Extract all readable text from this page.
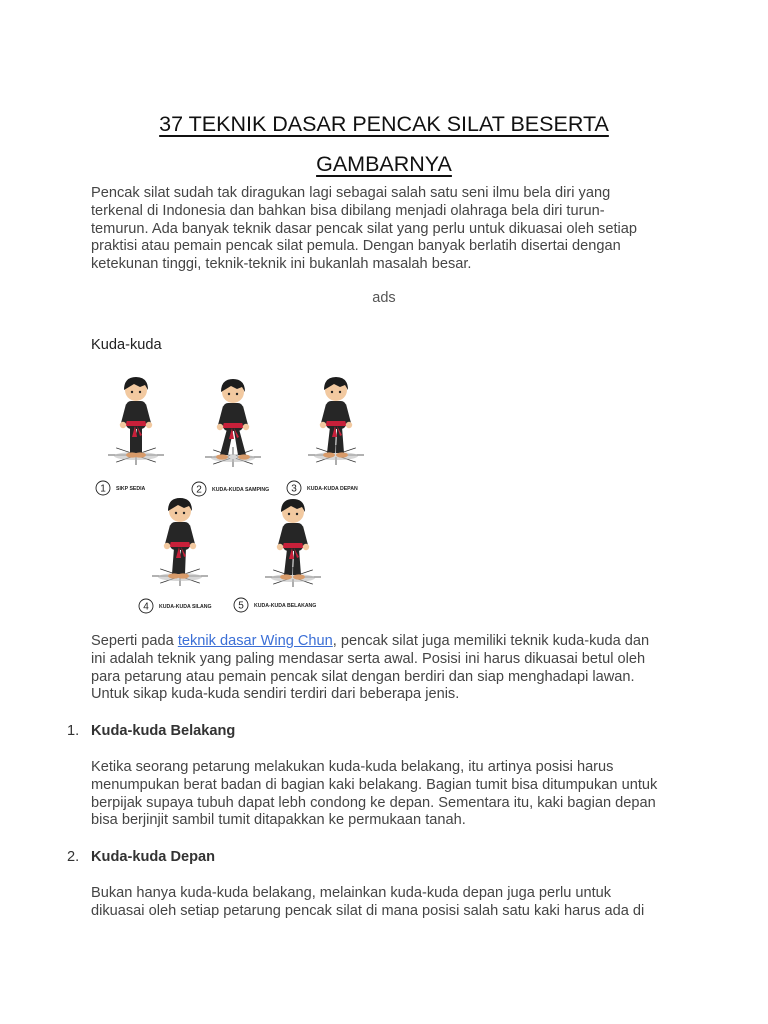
37 TEKNIK DASAR PENCAK SILAT BESERTA
GAMBARNYA
Pencak silat sudah tak diragukan lagi sebagai salah satu seni ilmu bela diri yang
terkenal di Indonesia dan bahkan bisa dibilang menjadi olahraga bela diri turun-
temurun. Ada banyak teknik dasar pencak silat yang perlu untuk dikuasai oleh setiap
praktisi atau pemain pencak silat pemula. Dengan banyak berlatih disertai dengan
ketekunan tinggi, teknik-teknik ini bukanlah masalah besar.
ads
Kuda-kuda
1 SIKP SEDIA	2 KUDA-KUDA SAMPING 3 KUDA-KUDA DEPAN
4 KUDA-KUDA SILANG	5 KUDA-KUDA BELAKANG
Seperti pada teknik dasar Wing Chun, pencak silat juga memiliki teknik kuda-kuda dan
ini adalah teknik yang paling mendasar serta awal. Posisi ini harus dikuasai betul oleh
para petarung atau pemain pencak silat dengan berdiri dan siap menghadapi lawan.
Untuk sikap kuda-kuda sendiri terdiri dari beberapa jenis.
1. Kuda-kuda Belakang
Ketika seorang petarung melakukan kuda-kuda belakang, itu artinya posisi harus
menumpukan berat badan di bagian kaki belakang. Bagian tumit bisa ditumpukan untuk
berpijak supaya tubuh dapat lebh condong ke depan. Sementara itu, kaki bagian depan
bisa berjinjit sambil tumit ditapakkan ke permukaan tanah.
2. Kuda-kuda Depan
Bukan hanya kuda-kuda belakang, melainkan kuda-kuda depan juga perlu untuk
dikuasai oleh setiap petarung pencak silat di mana posisi salah satu kaki harus ada di
